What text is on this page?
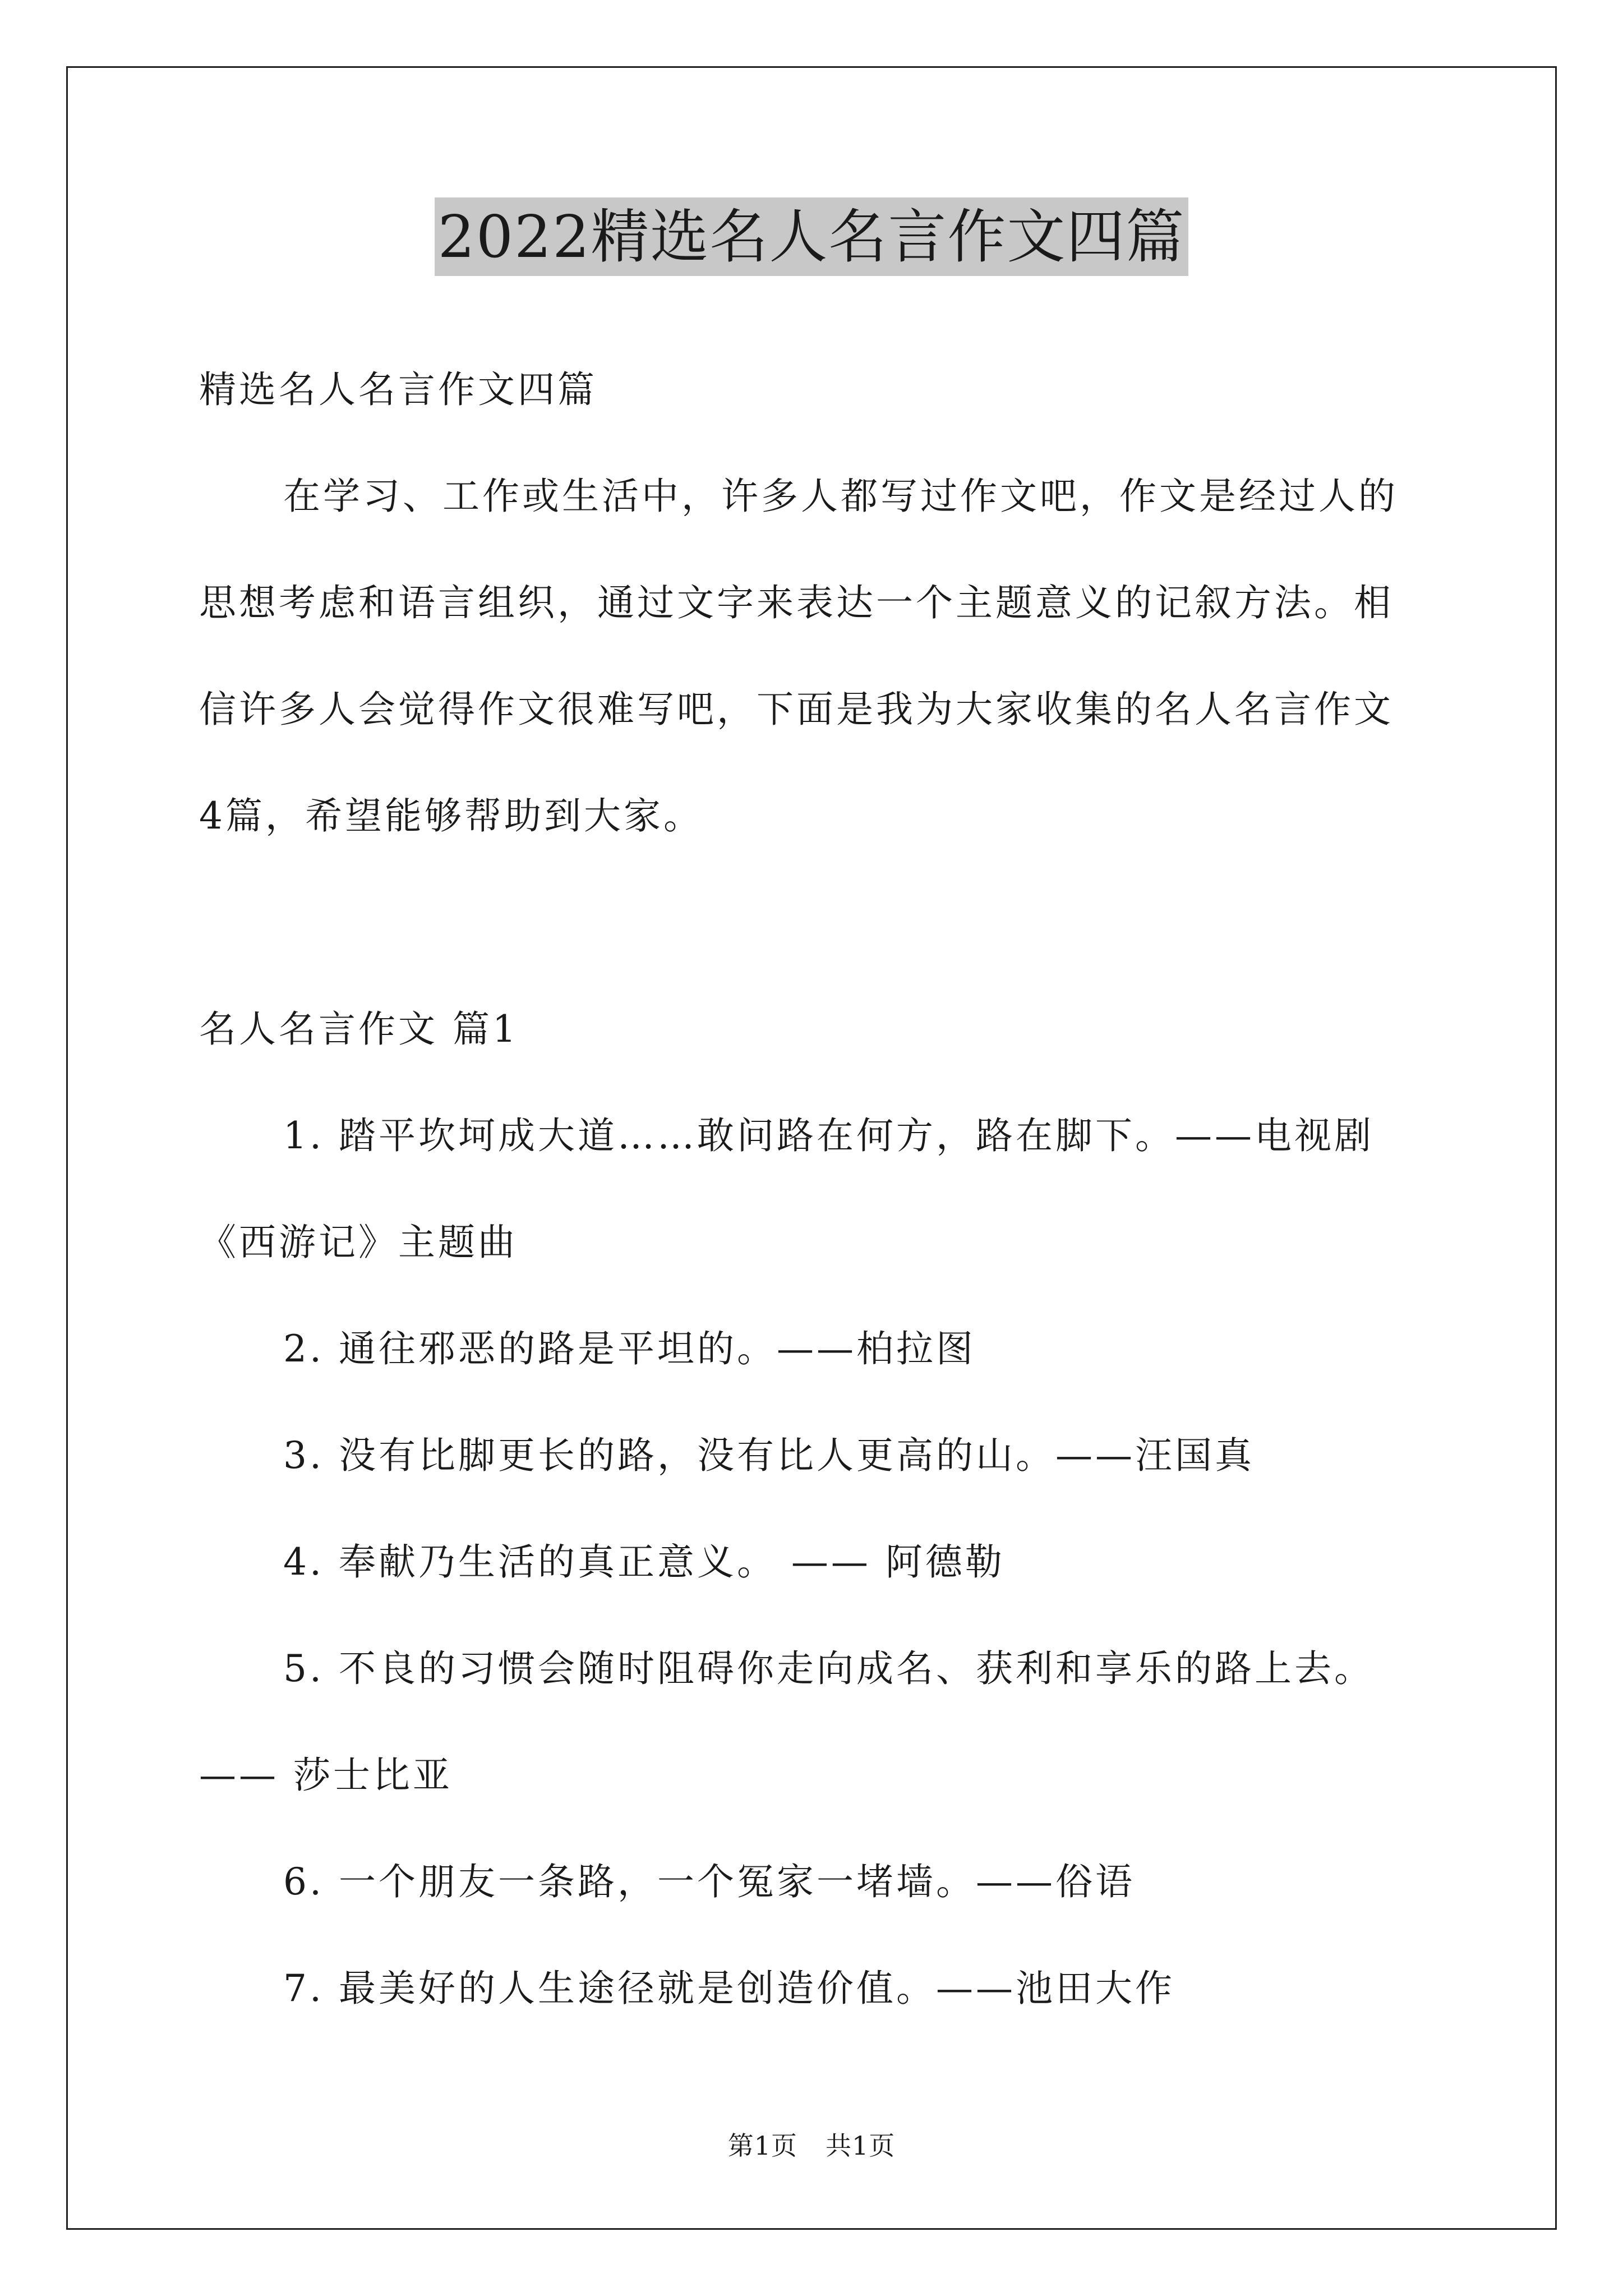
2022精选名人名言作文四篇
精选名人名言作文四篇
在学习、工作或生活中，许多人都写过作文吧，作文是经过人的
思想考虑和语言组织，通过文字来表达一个主题意义的记叙方法。相
信许多人会觉得作文很难写吧，下面是我为大家收集的名人名言作文
4篇，希望能够帮助到大家。
名人名言作文 篇1
1. 踏平坎坷成大道……敢问路在何方，路在脚下。——电视剧
《西游记》主题曲
2. 通往邪恶的路是平坦的。——柏拉图
3. 没有比脚更长的路，没有比人更高的山。——汪国真
4. 奉献乃生活的真正意义。 —— 阿德勒
5. 不良的习惯会随时阻碍你走向成名、获利和享乐的路上去。
—— 莎士比亚
6. 一个朋友一条路，一个冤家一堵墙。——俗语
7. 最美好的人生途径就是创造价值。——池田大作
第1页 共1页
